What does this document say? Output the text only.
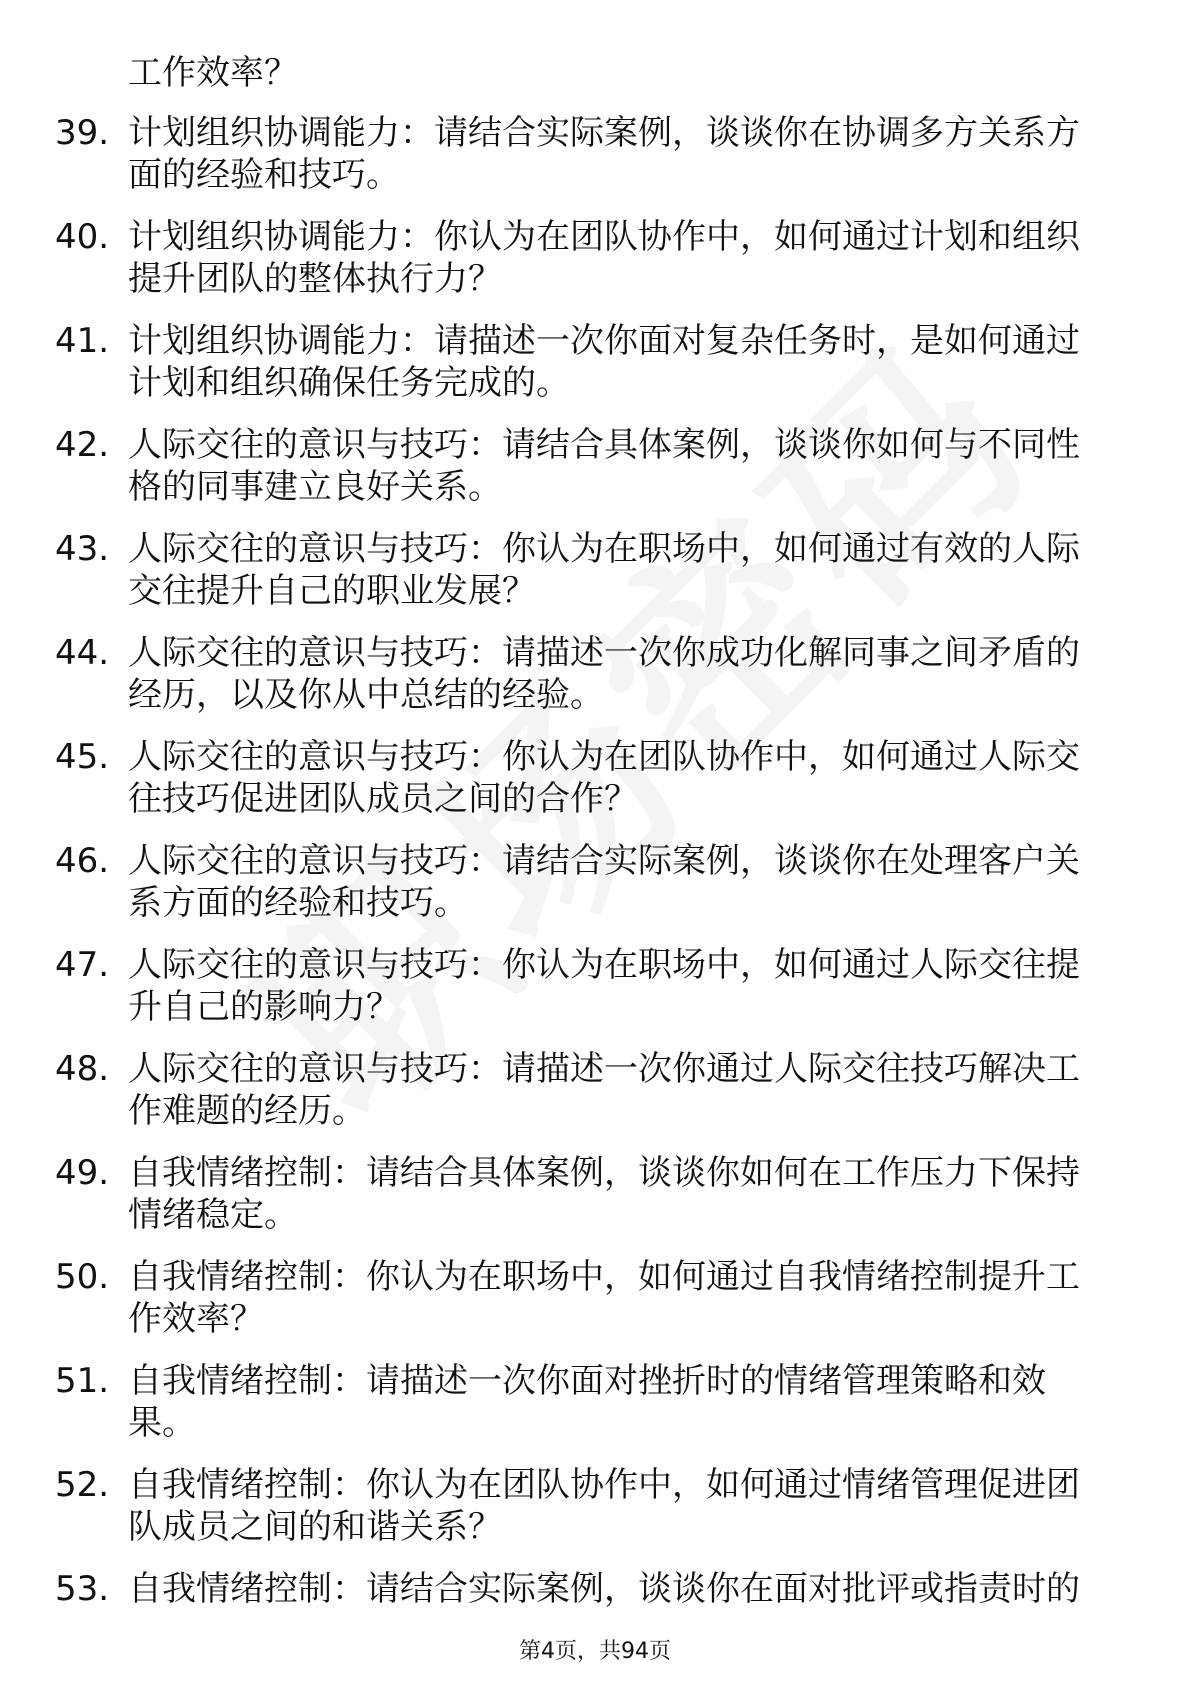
工作效率？

39. 计划组织协调能力：请结合实际案例，谈谈你在协调多方关系方面的经验和技巧。
40. 计划组织协调能力：你认为在团队协作中，如何通过计划和组织提升团队的整体执行力？
41. 计划组织协调能力：请描述一次你面对复杂任务时，是如何通过计划和组织确保任务完成的。
42. 人际交往的意识与技巧：请结合具体案例，谈谈你如何与不同性格的同事建立良好关系。
43. 人际交往的意识与技巧：你认为在职场中，如何通过有效的人际交往提升自己的职业发展？
44. 人际交往的意识与技巧：请描述一次你成功化解同事之间矛盾的经历，以及你从中总结的经验。
45. 人际交往的意识与技巧：你认为在团队协作中，如何通过人际交往技巧促进团队成员之间的合作？
46. 人际交往的意识与技巧：请结合实际案例，谈谈你在处理客户关系方面的经验和技巧。
47. 人际交往的意识与技巧：你认为在职场中，如何通过人际交往提升自己的影响力？
48. 人际交往的意识与技巧：请描述一次你通过人际交往技巧解决工作难题的经历。
49. 自我情绪控制：请结合具体案例，谈谈你如何在工作压力下保持情绪稳定。
50. 自我情绪控制：你认为在职场中，如何通过自我情绪控制提升工作效率？
51. 自我情绪控制：请描述一次你面对挫折时的情绪管理策略和效果。
52. 自我情绪控制：你认为在团队协作中，如何通过情绪管理促进团队成员之间的和谐关系？
53. 自我情绪控制：请结合实际案例，谈谈你在面对批评或指责时的
第4页，共94页
